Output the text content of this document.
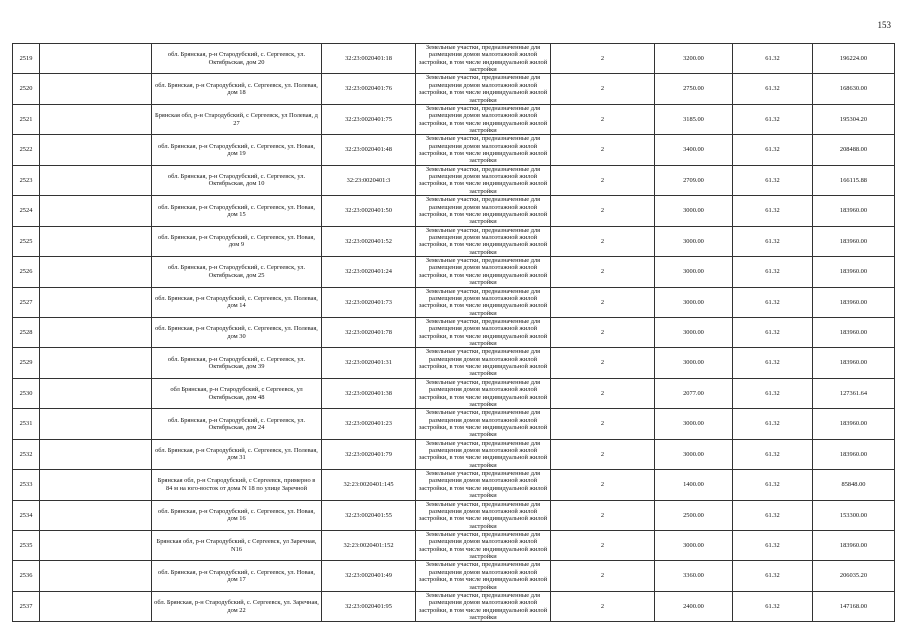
153
2519		обл. Брянская, р-н Стародубский, с. Сергеевск, ул. Октябрьская, дом 20	32:23:0020401:18	Земельные участки, предназначенные для размещения домов малоэтажной жилой застройки, в том числе индивидуальной жилой застройки	2	3200.00	61.32	196224.00
2520		обл. Брянская, р-н Стародубский, с. Сергеевск, ул. Полевая, дом 18	32:23:0020401:76	Земельные участки, предназначенные для размещения домов малоэтажной жилой застройки, в том числе индивидуальной жилой застройки	2	2750.00	61.32	168630.00
2521		Брянская обл, р-н Стародубский, с Сергеевск, ул Полевая, д 27	32:23:0020401:75	Земельные участки, предназначенные для размещения домов малоэтажной жилой застройки, в том числе индивидуальной жилой застройки	2	3185.00	61.32	195304.20
2522		обл. Брянская, р-н Стародубский, с. Сергеевск, ул. Новая, дом 19	32:23:0020401:48	Земельные участки, предназначенные для размещения домов малоэтажной жилой застройки, в том числе индивидуальной жилой застройки	2	3400.00	61.32	208488.00
2523		обл. Брянская, р-н Стародубский, с. Сергеевск, ул. Октябрьская, дом 10	32:23:0020401:3	Земельные участки, предназначенные для размещения домов малоэтажной жилой застройки, в том числе индивидуальной жилой застройки	2	2709.00	61.32	166115.88
2524		обл. Брянская, р-н Стародубский, с. Сергеевск, ул. Новая, дом 15	32:23:0020401:50	Земельные участки, предназначенные для размещения домов малоэтажной жилой застройки, в том числе индивидуальной жилой застройки	2	3000.00	61.32	183960.00
2525		обл. Брянская, р-н Стародубский, с. Сергеевск, ул. Новая, дом 9	32:23:0020401:52	Земельные участки, предназначенные для размещения домов малоэтажной жилой застройки, в том числе индивидуальной жилой застройки	2	3000.00	61.32	183960.00
2526		обл. Брянская, р-н Стародубский, с. Сергеевск, ул. Октябрьская, дом 25	32:23:0020401:24	Земельные участки, предназначенные для размещения домов малоэтажной жилой застройки, в том числе индивидуальной жилой застройки	2	3000.00	61.32	183960.00
2527		обл. Брянская, р-н Стародубский, с. Сергеевск, ул. Полевая, дом 14	32:23:0020401:73	Земельные участки, предназначенные для размещения домов малоэтажной жилой застройки, в том числе индивидуальной жилой застройки	2	3000.00	61.32	183960.00
2528		обл. Брянская, р-н Стародубский, с. Сергеевск, ул. Полевая, дом 30	32:23:0020401:78	Земельные участки, предназначенные для размещения домов малоэтажной жилой застройки, в том числе индивидуальной жилой застройки	2	3000.00	61.32	183960.00
2529		обл. Брянская, р-н Стародубский, с. Сергеевск, ул. Октябрьская, дом 39	32:23:0020401:31	Земельные участки, предназначенные для размещения домов малоэтажной жилой застройки, в том числе индивидуальной жилой застройки	2	3000.00	61.32	183960.00
2530		обл Брянская, р-н Стародубский, с Сергеевск, ул Октябрьская, дом 48	32:23:0020401:38	Земельные участки, предназначенные для размещения домов малоэтажной жилой застройки, в том числе индивидуальной жилой застройки	2	2077.00	61.32	127361.64
2531		обл. Брянская, р-н Стародубский, с. Сергеевск, ул. Октябрьская, дом 24	32:23:0020401:23	Земельные участки, предназначенные для размещения домов малоэтажной жилой застройки, в том числе индивидуальной жилой застройки	2	3000.00	61.32	183960.00
2532		обл. Брянская, р-н Стародубский, с. Сергеевск, ул. Полевая, дом 31	32:23:0020401:79	Земельные участки, предназначенные для размещения домов малоэтажной жилой застройки, в том числе индивидуальной жилой застройки	2	3000.00	61.32	183960.00
2533		Брянская обл, р-н Стародубский, с Сергеевск, примерно в 84 м на юго-восток от дома N 18 по улице Заречной	32:23:0020401:145	Земельные участки, предназначенные для размещения домов малоэтажной жилой застройки, в том числе индивидуальной жилой застройки	2	1400.00	61.32	85848.00
2534		обл. Брянская, р-н Стародубский, с. Сергеевск, ул. Новая, дом 16	32:23:0020401:55	Земельные участки, предназначенные для размещения домов малоэтажной жилой застройки, в том числе индивидуальной жилой застройки	2	2500.00	61.32	153300.00
2535		Брянская обл, р-н Стародубский, с Сергеевск, ул Заречная, N16	32:23:0020401:152	Земельные участки, предназначенные для размещения домов малоэтажной жилой застройки, в том числе индивидуальной жилой застройки	2	3000.00	61.32	183960.00
2536		обл. Брянская, р-н Стародубский, с. Сергеевск, ул. Новая, дом 17	32:23:0020401:49	Земельные участки, предназначенные для размещения домов малоэтажной жилой застройки, в том числе индивидуальной жилой застройки	2	3360.00	61.32	206035.20
2537		обл. Брянская, р-н Стародубский, с. Сергеевск, ул. Заречная, дом 22	32:23:0020401:95	Земельные участки, предназначенные для размещения домов малоэтажной жилой застройки, в том числе индивидуальной жилой застройки	2	2400.00	61.32	147168.00
